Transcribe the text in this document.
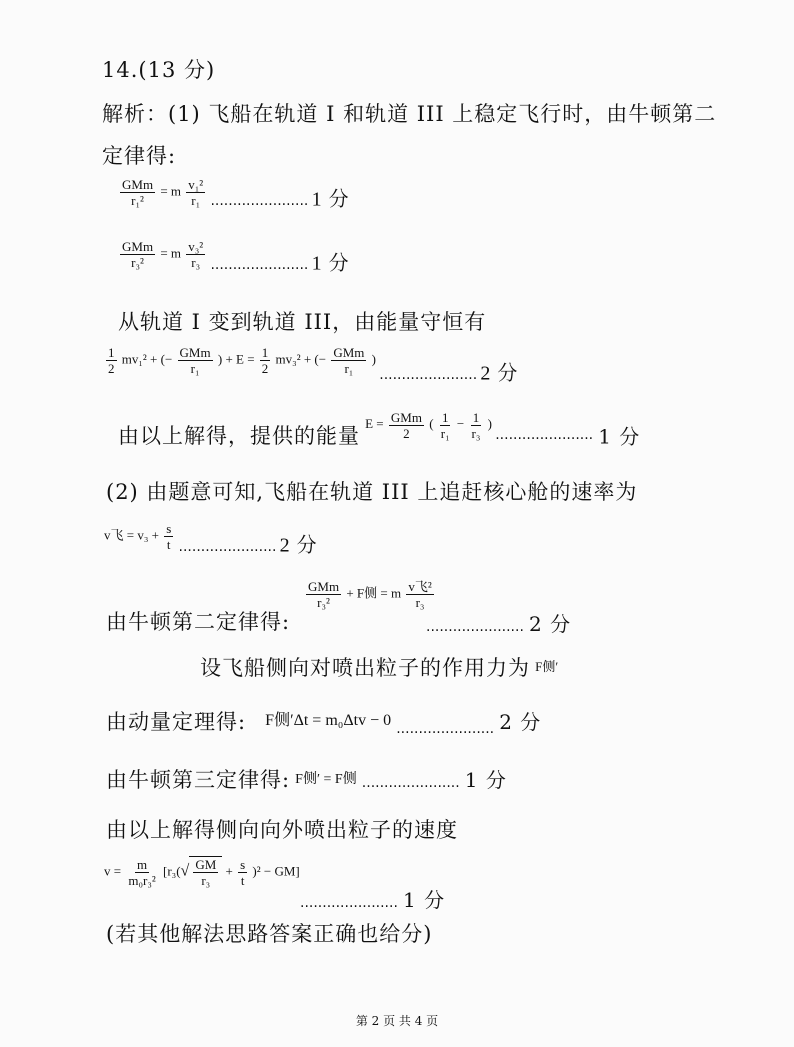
14.(13 分)
解析：(1) 飞船在轨道 I 和轨道 III 上稳定飞行时，由牛顿第二
定律得:
$\frac{\text{GMm}}{\text{r₁²}} = m \frac{\text{v₁²}}{\text{r₁}}$ ...................... 1 分
$\frac{\text{GMm}}{\text{r₃²}} = m \frac{\text{v₃²}}{\text{r₃}}$ ...................... 1 分
从轨道 I 变到轨道 III，由能量守恒有
$\frac{1}{2} mv_1^2$ + (− $\frac{\text{GMm}}{\text{r₁}}$ ) + $E = \frac{1}{2} mv_3^2$ + (− $\frac{\text{GMm}}{\text{r₁}}$ ) ...................... 2 分
由以上解得，提供的能量 $^{E = \frac{\text{GMm}}{2} ( \frac{1}{\text{r₁}} - \frac{1}{\text{r₃}} )}$ ...................... 1 分
(2) 由题意可知,飞船在轨道 III 上追赶核心舱的速率为
v飞 = $v_3 + \frac{s}{t}$ ...................... 2 分
由牛顿第二定律得:
$\frac{\text{GMm}}{\text{r₃²}} + F$侧 = m $\frac{\text{v飞²}}{\text{r₃}}$
...................... 2 分
设飞船侧向对喷出粒子的作用力为 $^{F侧'}$
由动量定理得: F侧′Δt = m₀Δtv − 0 ...................... 2 分
由牛顿第三定律得: F侧′ = F侧 ...................... 1 分
由以上解得侧向向外喷出粒子的速度
$v = \frac{m}{\text{m₀r₃²}} [r_3(√ \frac{GM}{\text{r₃}} + \frac{s}{t} )^2 - GM]$
...................... 1 分
(若其他解法思路答案正确也给分)
第 2 页 共 4 页
